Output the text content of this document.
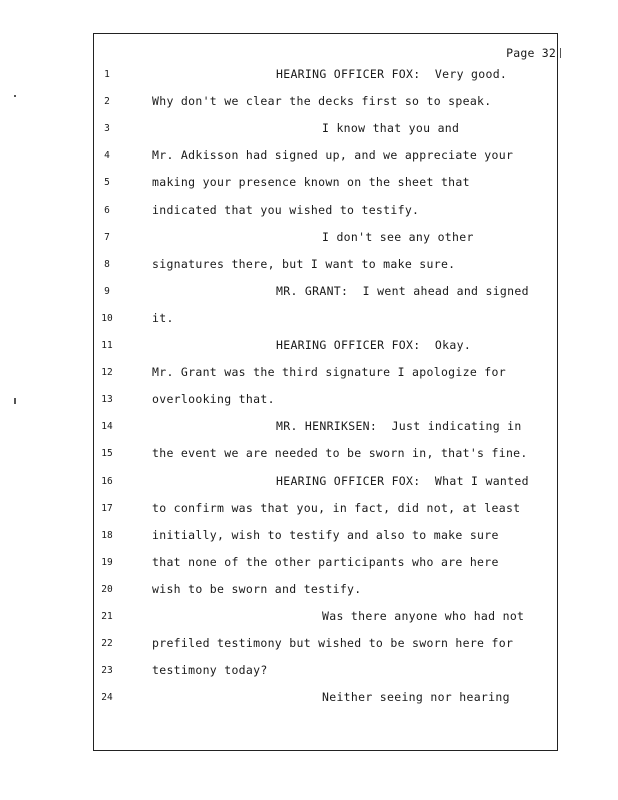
Page 32
1	HEARING OFFICER FOX:  Very good.
2	Why don't we clear the decks first so to speak.
3	I know that you and
4	Mr. Adkisson had signed up, and we appreciate your
5	making your presence known on the sheet that
6	indicated that you wished to testify.
7	I don't see any other
8	signatures there, but I want to make sure.
9	MR. GRANT:  I went ahead and signed
10	it.
11	HEARING OFFICER FOX:  Okay.
12	Mr. Grant was the third signature I apologize for
13	overlooking that.
14	MR. HENRIKSEN:  Just indicating in
15	the event we are needed to be sworn in, that's fine.
16	HEARING OFFICER FOX:  What I wanted
17	to confirm was that you, in fact, did not, at least
18	initially, wish to testify and also to make sure
19	that none of the other participants who are here
20	wish to be sworn and testify.
21	Was there anyone who had not
22	prefiled testimony but wished to be sworn here for
23	testimony today?
24	Neither seeing nor hearing
